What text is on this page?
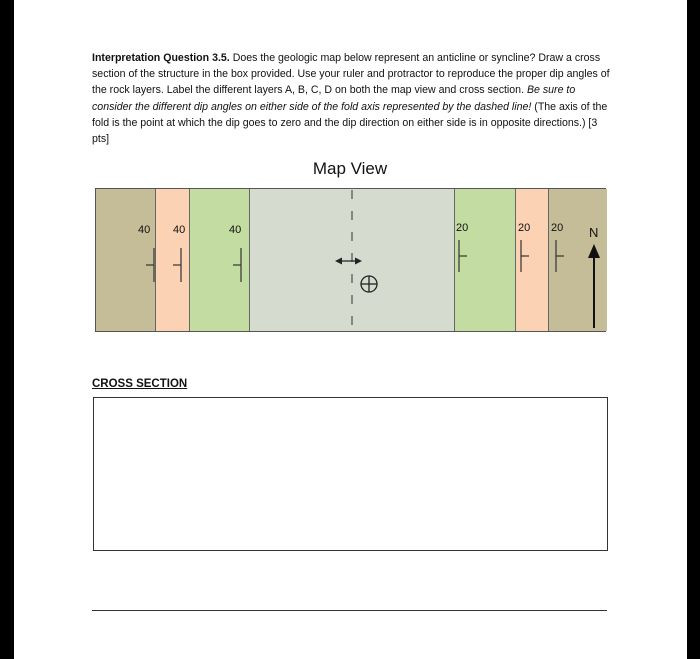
Interpretation Question 3.5. Does the geologic map below represent an anticline or syncline? Draw a cross section of the structure in the box provided. Use your ruler and protractor to reproduce the proper dip angles of the rock layers. Label the different layers A, B, C, D on both the map view and cross section. Be sure to consider the different dip angles on either side of the fold axis represented by the dashed line! (The axis of the fold is the point at which the dip goes to zero and the dip direction on either side is in opposite directions.) [3 pts]

Map View
40 40	40	20	20 20 N
CROSS SECTION
